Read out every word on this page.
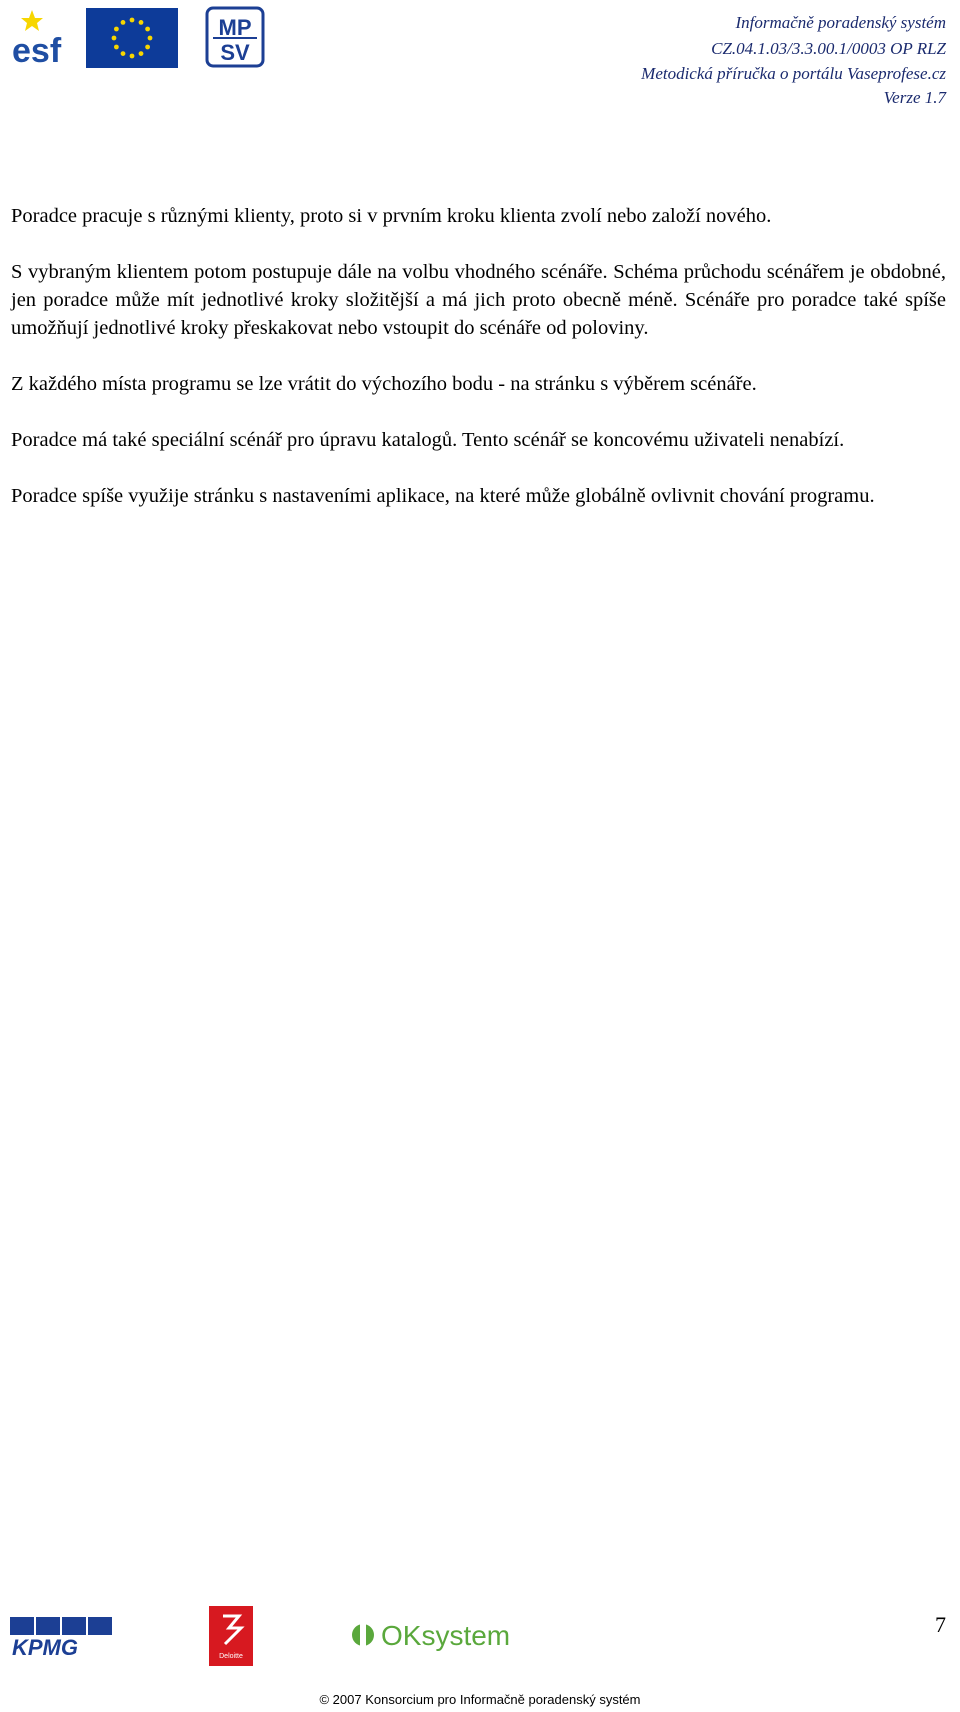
esf
MP
SV
Informačně poradenský systém
CZ.04.1.03/3.3.00.1/0003 OP RLZ
Metodická příručka o portálu Vaseprofese.cz
Verze 1.7

Poradce pracuje s různými klienty, proto si v prvním kroku klienta zvolí nebo založí nového.

S vybraným klientem potom postupuje dále na volbu vhodného scénáře. Schéma průchodu scénářem je obdobné, jen poradce může mít jednotlivé kroky složitější a má jich proto obecně méně. Scénáře pro poradce také spíše umožňují jednotlivé kroky přeskakovat nebo vstoupit do scénáře od poloviny.

Z každého místa programu se lze vrátit do výchozího bodu - na stránku s výběrem scénáře.

Poradce má také speciální scénář pro úpravu katalogů. Tento scénář se koncovému uživateli nenabízí.

Poradce spíše využije stránku s nastaveními aplikace, na které může globálně ovlivnit chování programu.

KPMG	Deloitte
OKsystem	7
© 2007 Konsorcium pro Informačně poradenský systém
